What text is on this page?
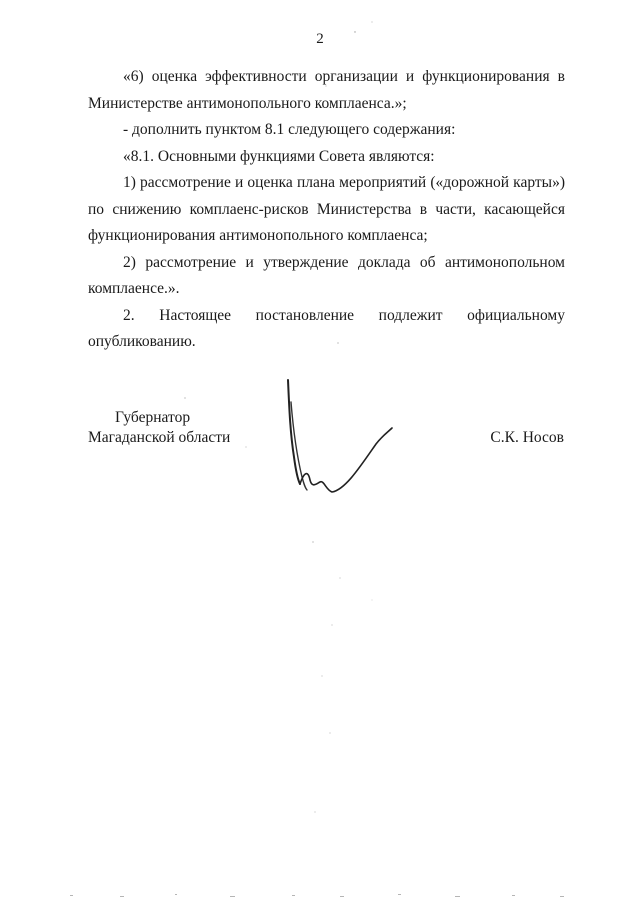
2

«6) оценка эффективности организации и функционирования в Министерстве антимонопольного комплаенса.»;

- дополнить пунктом 8.1 следующего содержания:

«8.1. Основными функциями Совета являются:

1) рассмотрение и оценка плана мероприятий («дорожной карты») по снижению комплаенс-рисков Министерства в части, касающейся функционирования антимонопольного комплаенса;

2) рассмотрение и утверждение доклада об антимонопольном комплаенсе.».

2. Настоящее постановление подлежит официальному опубликованию.

Губернатор
Магаданской области	С.К. Носов
